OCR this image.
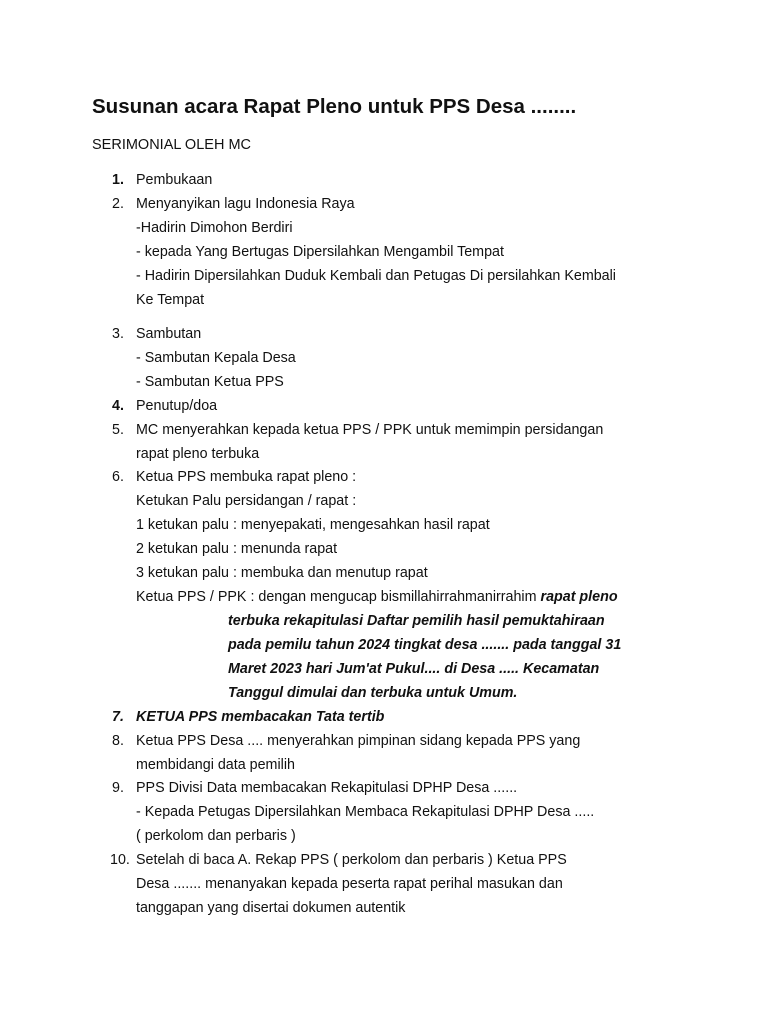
Susunan acara Rapat Pleno untuk PPS Desa ........
SERIMONIAL OLEH MC
1. Pembukaan
2. Menyanyikan lagu Indonesia Raya
-Hadirin Dimohon Berdiri
- kepada Yang Bertugas Dipersilahkan Mengambil Tempat
- Hadirin Dipersilahkan Duduk Kembali dan Petugas Di persilahkan Kembali
Ke Tempat
3. Sambutan
- Sambutan Kepala Desa
- Sambutan Ketua PPS
4. Penutup/doa
5. MC menyerahkan kepada ketua PPS / PPK untuk memimpin persidangan
rapat pleno terbuka
6. Ketua PPS membuka rapat pleno :
Ketukan Palu persidangan / rapat :
1 ketukan palu : menyepakati, mengesahkan hasil rapat
2 ketukan palu : menunda rapat
3 ketukan palu : membuka dan menutup rapat
Ketua PPS / PPK : dengan mengucap bismillahirrahmanirrahim rapat pleno
terbuka rekapitulasi Daftar pemilih hasil pemuktahiraan
pada pemilu tahun 2024 tingkat desa ....... pada tanggal 31
Maret 2023 hari Jum'at Pukul.... di Desa ..... Kecamatan
Tanggul dimulai dan terbuka untuk Umum.
7. KETUA PPS membacakan Tata tertib
8. Ketua PPS Desa .... menyerahkan pimpinan sidang kepada PPS yang
membidangi data pemilih
9. PPS Divisi Data membacakan Rekapitulasi DPHP Desa ......
- Kepada Petugas Dipersilahkan Membaca Rekapitulasi DPHP Desa .....
( perkolom dan perbaris )
10. Setelah di baca A. Rekap PPS ( perkolom dan perbaris ) Ketua PPS
Desa ....... menanyakan kepada peserta rapat perihal masukan dan
tanggapan yang disertai dokumen autentik
